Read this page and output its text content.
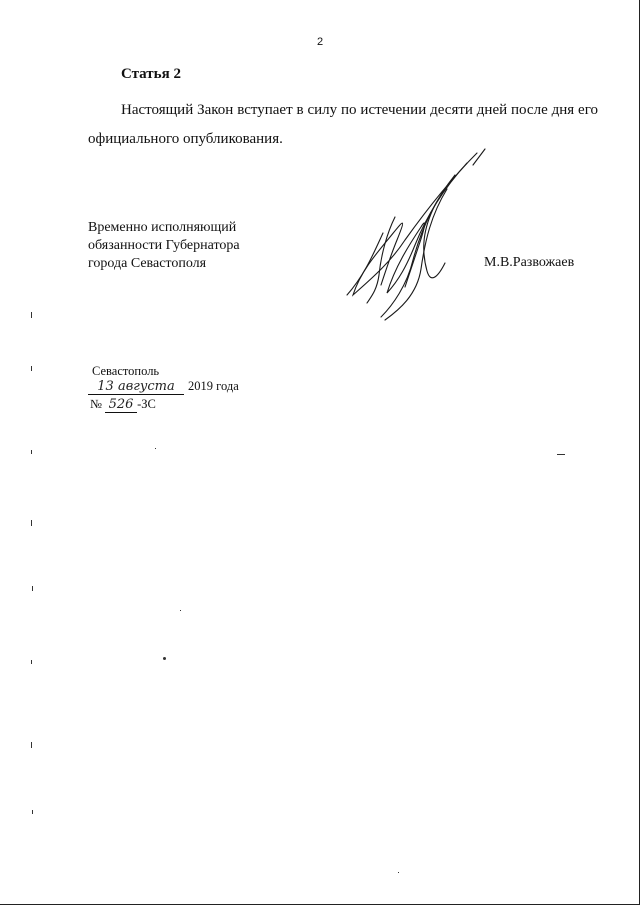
2
Статья 2

Настоящий Закон вступает в силу по истечении десяти дней после дня его официального опубликования.

Временно исполняющий
обязанности Губернатора
города Севастополя	М.В.Развожаев
Севастополь
13 августа 2019 года
№ 526 -ЗС
